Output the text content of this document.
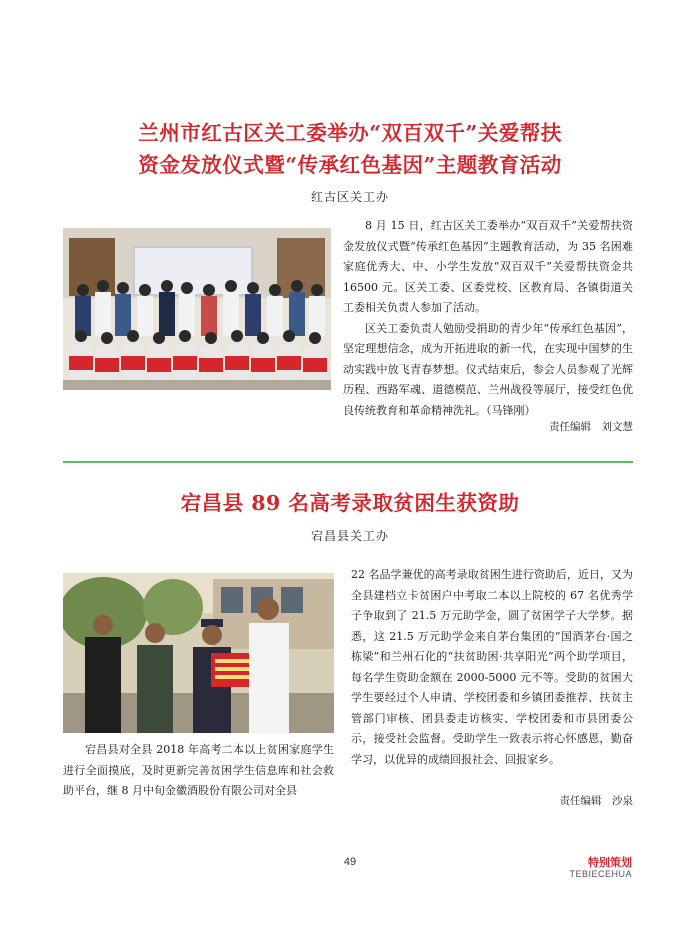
兰州市红古区关工委举办“双百双千”关爱帮扶
资金发放仪式暨“传承红色基因”主题教育活动
红古区关工办

8 月 15 日，红古区关工委举办“双百双千”关爱帮扶资金发放仪式暨“传承红色基因”主题教育活动，为 35 名困难家庭优秀大、中、小学生发放“双百双千”关爱帮扶资金共 16500 元。区关工委、区委党校、区教育局、各镇街道关工委相关负责人参加了活动。

区关工委负责人勉励受捐助的青少年“传承红色基因”，坚定理想信念，成为开拓进取的新一代，在实现中国梦的生动实践中放飞青春梦想。仪式结束后，参会人员参观了光辉历程、西路军魂、道德模范、兰州战役等展厅，接受红色优良传统教育和革命精神洗礼。（马锋刚）

责任编辑　刘文慧
宕昌县 89 名高考录取贫困生获资助
宕昌县关工办

宕昌县对全县 2018 年高考二本以上贫困家庭学生进行全面摸底，及时更新完善贫困学生信息库和社会救助平台，继 8 月中旬金徽酒股份有限公司对全县

22 名品学兼优的高考录取贫困生进行资助后，近日，又为全县建档立卡贫困户中考取二本以上院校的 67 名优秀学子争取到了 21.5 万元助学金，圆了贫困学子大学梦。据悉，这 21.5 万元助学金来自茅台集团的“国酒茅台·国之栋梁”和兰州石化的“扶贫助困·共享阳光”两个助学项目，每名学生资助金额在 2000-5000 元不等。受助的贫困大学生要经过个人申请、学校团委和乡镇团委推荐、扶贫主管部门审核、团县委走访核实、学校团委和市县团委公示，接受社会监督。受助学生一致表示将心怀感恩，勤奋学习，以优异的成绩回报社会、回报家乡。

责任编辑　沙泉
49	特别策划
TEBIECEHUA
